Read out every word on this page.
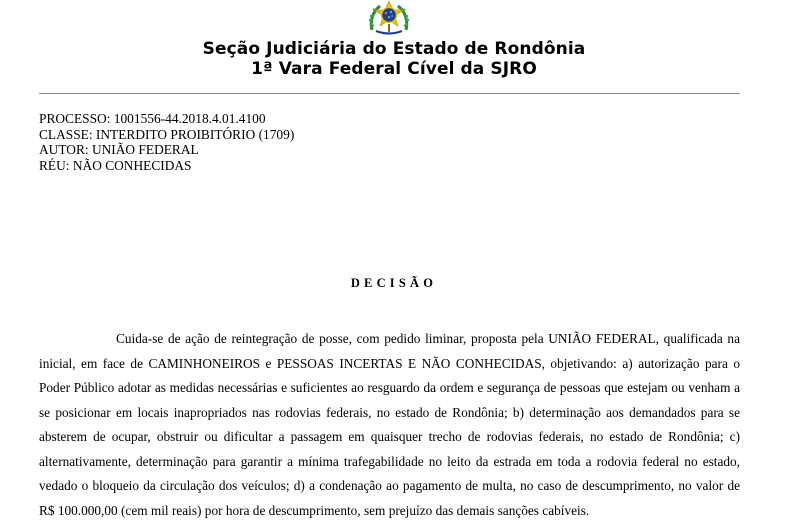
Seção Judiciária do Estado de Rondônia
1ª Vara Federal Cível da SJRO
PROCESSO: 1001556-44.2018.4.01.4100
CLASSE: INTERDITO PROIBITÓRIO (1709)
AUTOR: UNIÃO FEDERAL
RÉU: NÃO CONHECIDAS
DECISÃO
Cuida-se de ação de reintegração de posse, com pedido liminar, proposta pela UNIÃO FEDERAL, qualificada na inicial, em face de CAMINHONEIROS e PESSOAS INCERTAS E NÃO CONHECIDAS, objetivando: a) autorização para o Poder Público adotar as medidas necessárias e suficientes ao resguardo da ordem e segurança de pessoas que estejam ou venham a se posicionar em locais inapropriados nas rodovias federais, no estado de Rondônia; b) determinação aos demandados para se absterem de ocupar, obstruir ou dificultar a passagem em quaisquer trecho de rodovias federais, no estado de Rondônia; c) alternativamente, determinação para garantir a mínima trafegabilidade no leito da estrada em toda a rodovia federal no estado, vedado o bloqueio da circulação dos veículos; d) a condenação ao pagamento de multa, no caso de descumprimento, no valor de R$ 100.000,00 (cem mil reais) por hora de descumprimento, sem prejuízo das demais sanções cabíveis.
